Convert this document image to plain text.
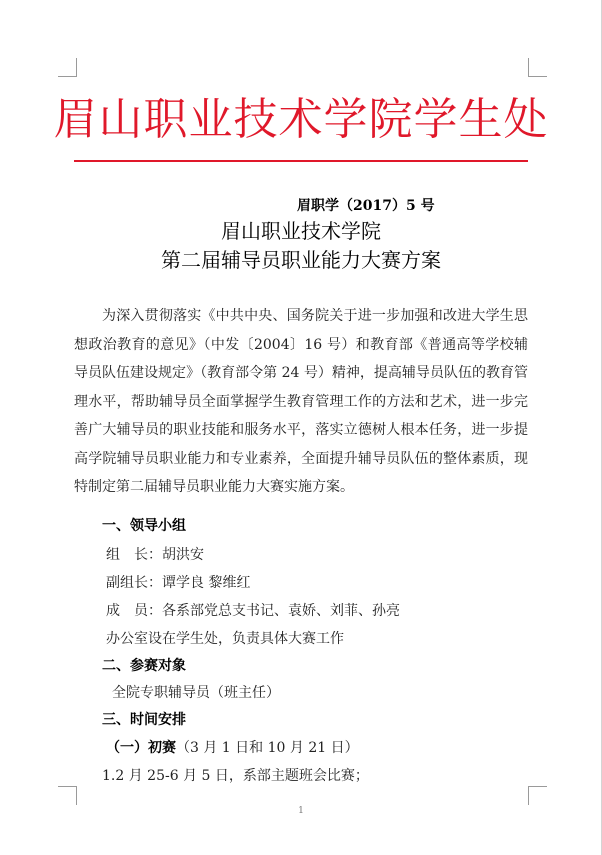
眉山职业技术学院学生处
眉职学（2017）5 号
眉山职业技术学院
第二届辅导员职业能力大赛方案
为深入贯彻落实《中共中央、国务院关于进一步加强和改进大学生思想政治教育的意见》（中发〔2004〕16 号）和教育部《普通高等学校辅导员队伍建设规定》（教育部令第 24 号）精神，提高辅导员队伍的教育管理水平，帮助辅导员全面掌握学生教育管理工作的方法和艺术，进一步完善广大辅导员的职业技能和服务水平，落实立德树人根本任务，进一步提高学院辅导员职业能力和专业素养，全面提升辅导员队伍的整体素质，现特制定第二届辅导员职业能力大赛实施方案。
一、领导小组
组　长：胡洪安
副组长：谭学良 黎维红
成　员：各系部党总支书记、袁娇、刘菲、孙亮
办公室设在学生处，负责具体大赛工作
二、参赛对象
全院专职辅导员（班主任）
三、时间安排
（一）初赛（3 月 1 日和 10 月 21 日）
1.2 月 25-6 月 5 日，系部主题班会比赛；
1
